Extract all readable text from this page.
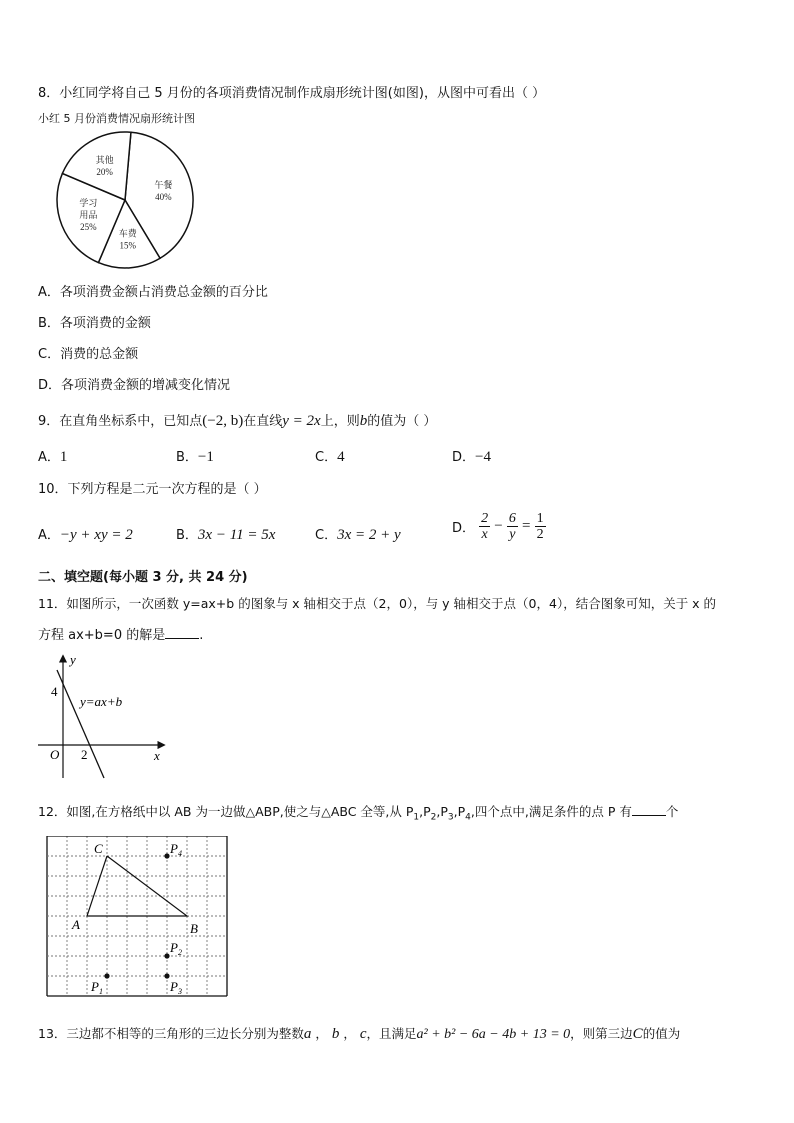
8．小红同学将自己 5 月份的各项消费情况制作成扇形统计图(如图)，从图中可看出（ ）
小红 5 月份消费情况扇形统计图
午餐
40%
车费
15%
学习
用品
25%
其他
20%
A．各项消费金额占消费总金额的百分比
B．各项消费的金额
C．消费的总金额
D．各项消费金额的增减变化情况
9．在直角坐标系中，已知点(−2, b)在直线y = 2x上，则b的值为（ ）
A．1	B．−1	C．4	D．−4
10．下列方程是二元一次方程的是（ ）
A．−y + xy = 2	B．3x − 11 = 5x	C．3x = 2 + y	D． $\frac{2}{x} - \frac{6}{y} = \frac{1}{2}$
二、填空题(每小题 3 分, 共 24 分)
11．如图所示，一次函数 y=ax+b 的图象与 x 轴相交于点（2，0），与 y 轴相交于点（0，4），结合图象可知，关于 x 的
方程 ax+b=0 的解是	.
y
x
O
4
2
y=ax+b
12．如图,在方格纸中以 AB 为一边做△ABP,使之与△ABC 全等,从 $P_1,P_2,P_3,P_4$,四个点中,满足条件的点 P 有	个
C
A	B
$P_4$
$P_2$
$P_1$	$P_3$
13．三边都不相等的三角形的三边长分别为整数a ， b ， c，且满足a² + b² − 6a − 4b + 13 = 0，则第三边C的值为
